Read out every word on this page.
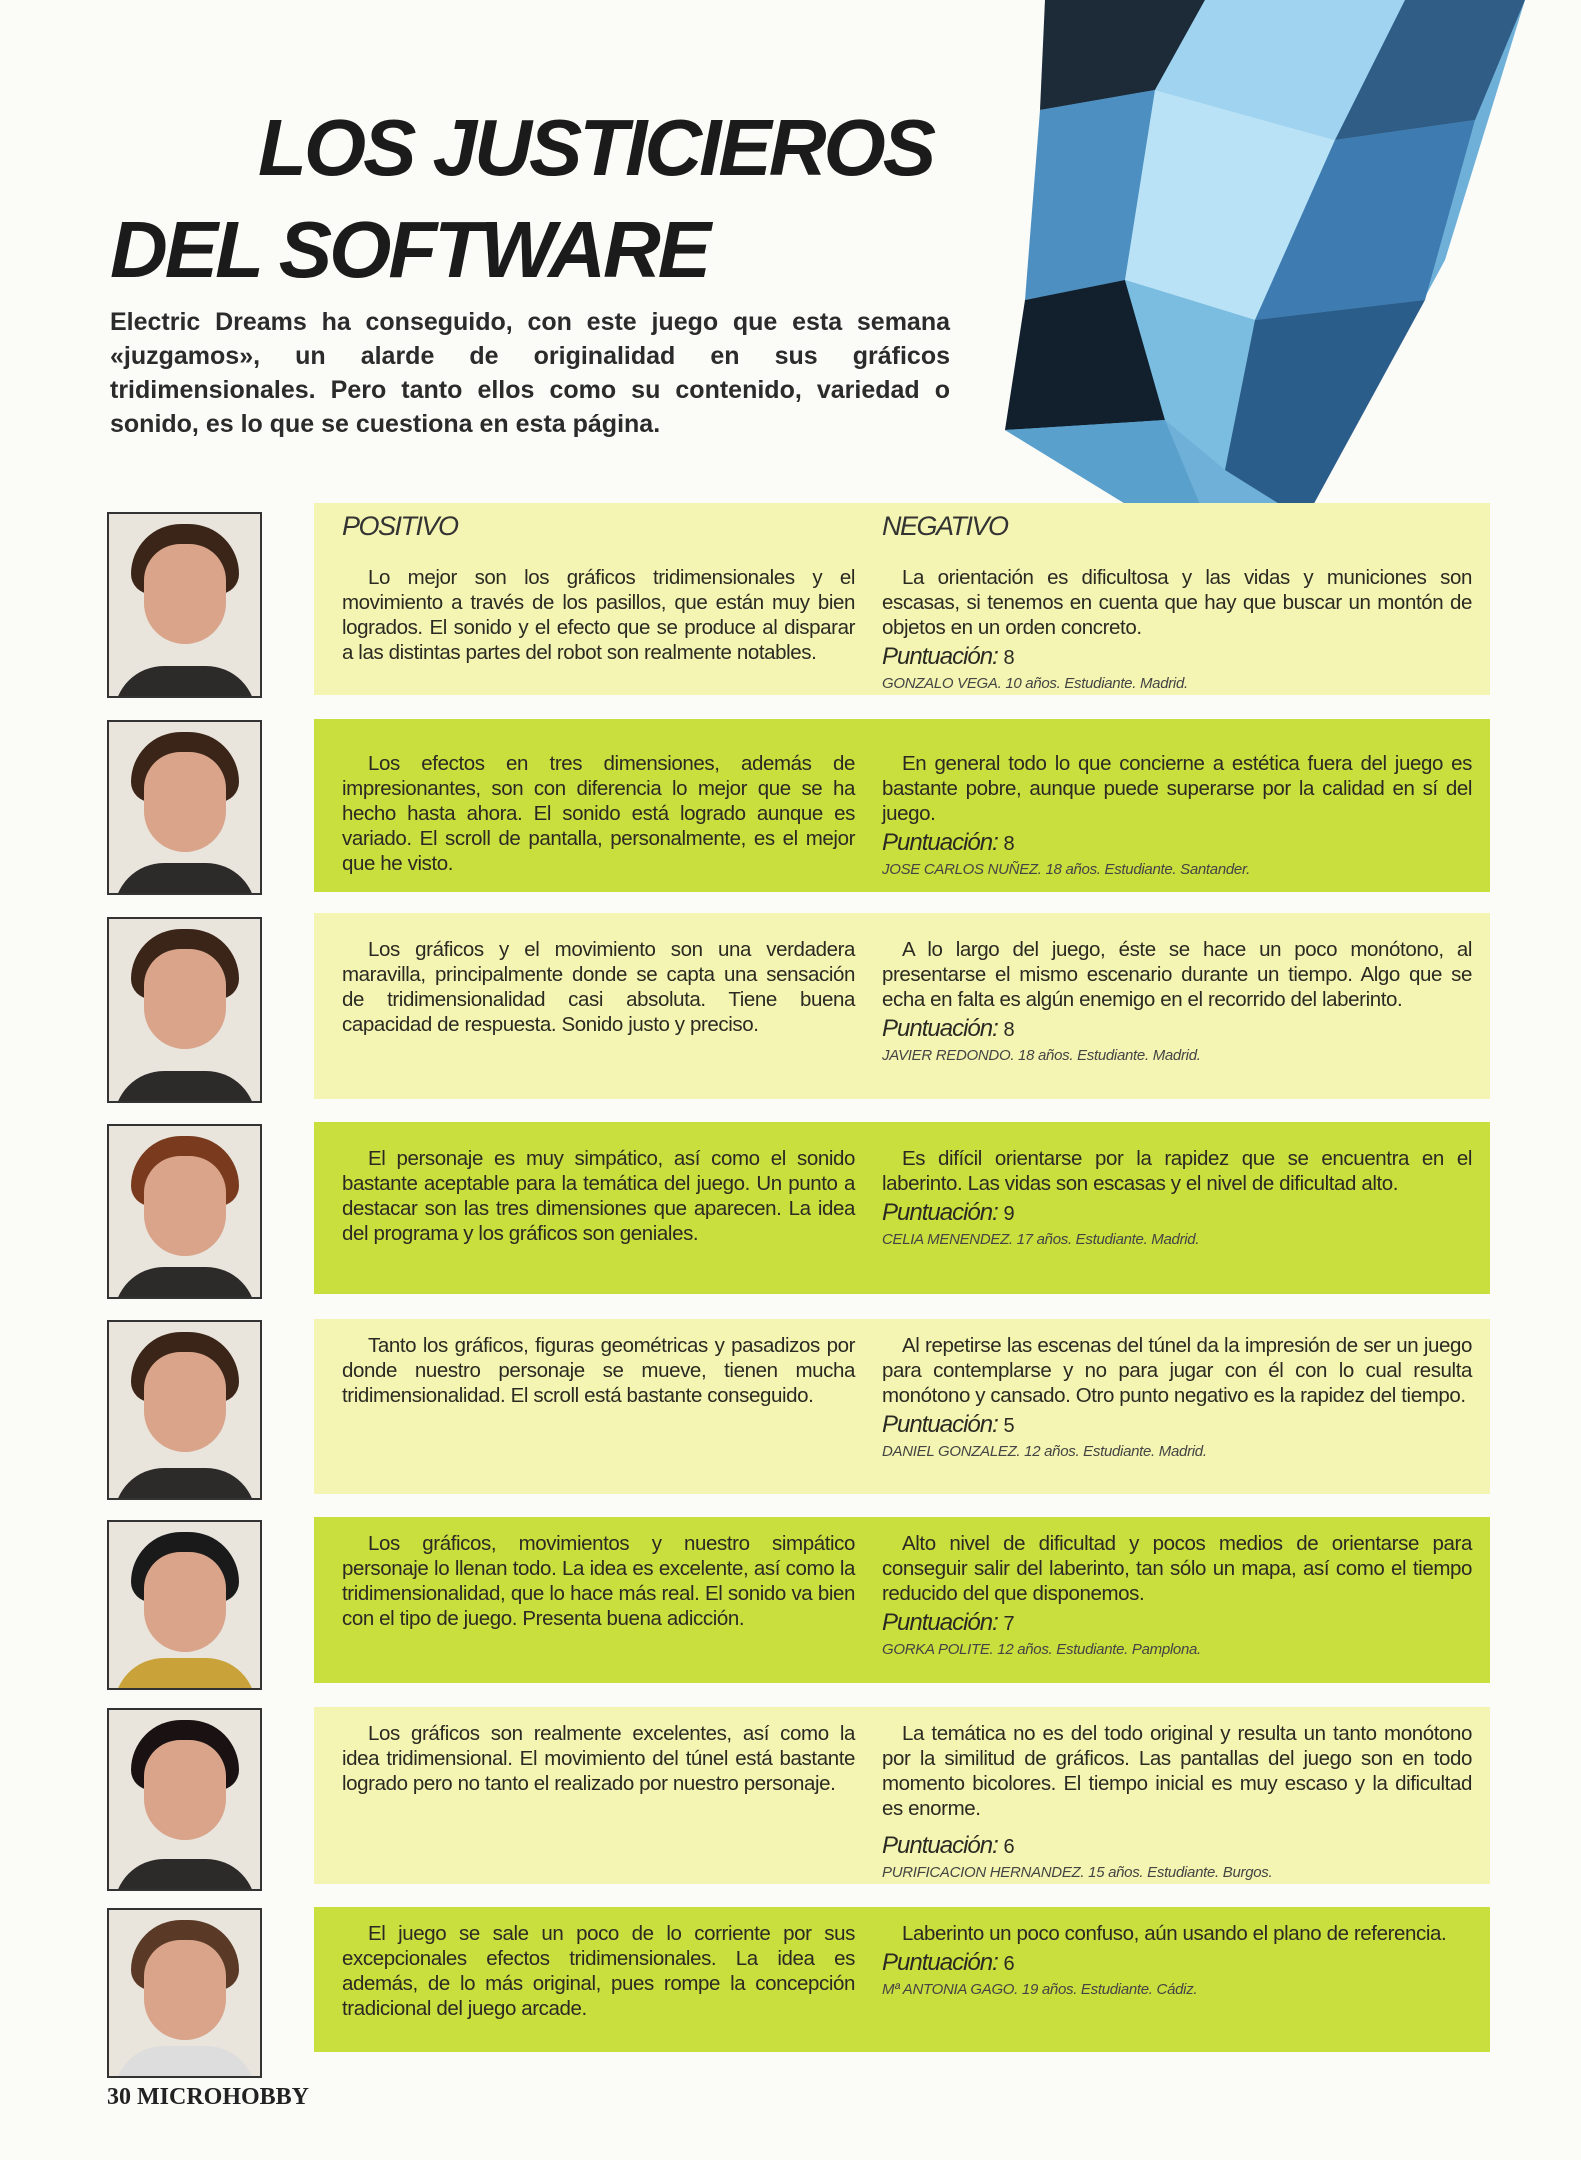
LOS JUSTICIEROS
DEL SOFTWARE

Electric Dreams ha conseguido, con este juego que esta semana «juzgamos», un alarde de originalidad en sus gráficos tridimensionales. Pero tanto ellos como su contenido, variedad o sonido, es lo que se cuestiona en esta página.

POSITIVO	NEGATIVO

Lo mejor son los gráficos tridimensionales y el movimiento a través de los pasillos, que están muy bien logrados. El sonido y el efecto que se produce al disparar a las distintas partes del robot son realmente notables.

La orientación es dificultosa y las vidas y municiones son escasas, si tenemos en cuenta que hay que buscar un montón de objetos en un orden concreto.

Puntuación: 8
GONZALO VEGA. 10 años. Estudiante. Madrid.

Los efectos en tres dimensiones, además de impresionantes, son con diferencia lo mejor que se ha hecho hasta ahora. El sonido está logrado aunque es variado. El scroll de pantalla, personalmente, es el mejor que he visto.

En general todo lo que concierne a estética fuera del juego es bastante pobre, aunque puede superarse por la calidad en sí del juego.

Puntuación: 8
JOSE CARLOS NUÑEZ. 18 años. Estudiante. Santander.

Los gráficos y el movimiento son una verdadera maravilla, principalmente donde se capta una sensación de tridimensionalidad casi absoluta. Tiene buena capacidad de respuesta. Sonido justo y preciso.

A lo largo del juego, éste se hace un poco monótono, al presentarse el mismo escenario durante un tiempo. Algo que se echa en falta es algún enemigo en el recorrido del laberinto.

Puntuación: 8
JAVIER REDONDO. 18 años. Estudiante. Madrid.

El personaje es muy simpático, así como el sonido bastante aceptable para la temática del juego. Un punto a destacar son las tres dimensiones que aparecen. La idea del programa y los gráficos son geniales.

Es difícil orientarse por la rapidez que se encuentra en el laberinto. Las vidas son escasas y el nivel de dificultad alto.

Puntuación: 9
CELIA MENENDEZ. 17 años. Estudiante. Madrid.

Tanto los gráficos, figuras geométricas y pasadizos por donde nuestro personaje se mueve, tienen mucha tridimensionalidad. El scroll está bastante conseguido.

Al repetirse las escenas del túnel da la impresión de ser un juego para contemplarse y no para jugar con él con lo cual resulta monótono y cansado. Otro punto negativo es la rapidez del tiempo.

Puntuación: 5
DANIEL GONZALEZ. 12 años. Estudiante. Madrid.

Los gráficos, movimientos y nuestro simpático personaje lo llenan todo. La idea es excelente, así como la tridimensionalidad, que lo hace más real. El sonido va bien con el tipo de juego. Presenta buena adicción.

Alto nivel de dificultad y pocos medios de orientarse para conseguir salir del laberinto, tan sólo un mapa, así como el tiempo reducido del que disponemos.

Puntuación: 7
GORKA POLITE. 12 años. Estudiante. Pamplona.

Los gráficos son realmente excelentes, así como la idea tridimensional. El movimiento del túnel está bastante logrado pero no tanto el realizado por nuestro personaje.

La temática no es del todo original y resulta un tanto monótono por la similitud de gráficos. Las pantallas del juego son en todo momento bicolores. El tiempo inicial es muy escaso y la dificultad es enorme.

Puntuación: 6
PURIFICACION HERNANDEZ. 15 años. Estudiante. Burgos.

El juego se sale un poco de lo corriente por sus excepcionales efectos tridimensionales. La idea es además, de lo más original, pues rompe la concepción tradicional del juego arcade.

Laberinto un poco confuso, aún usando el plano de referencia.

Puntuación: 6
Mª ANTONIA GAGO. 19 años. Estudiante. Cádiz.
30 MICROHOBBY
